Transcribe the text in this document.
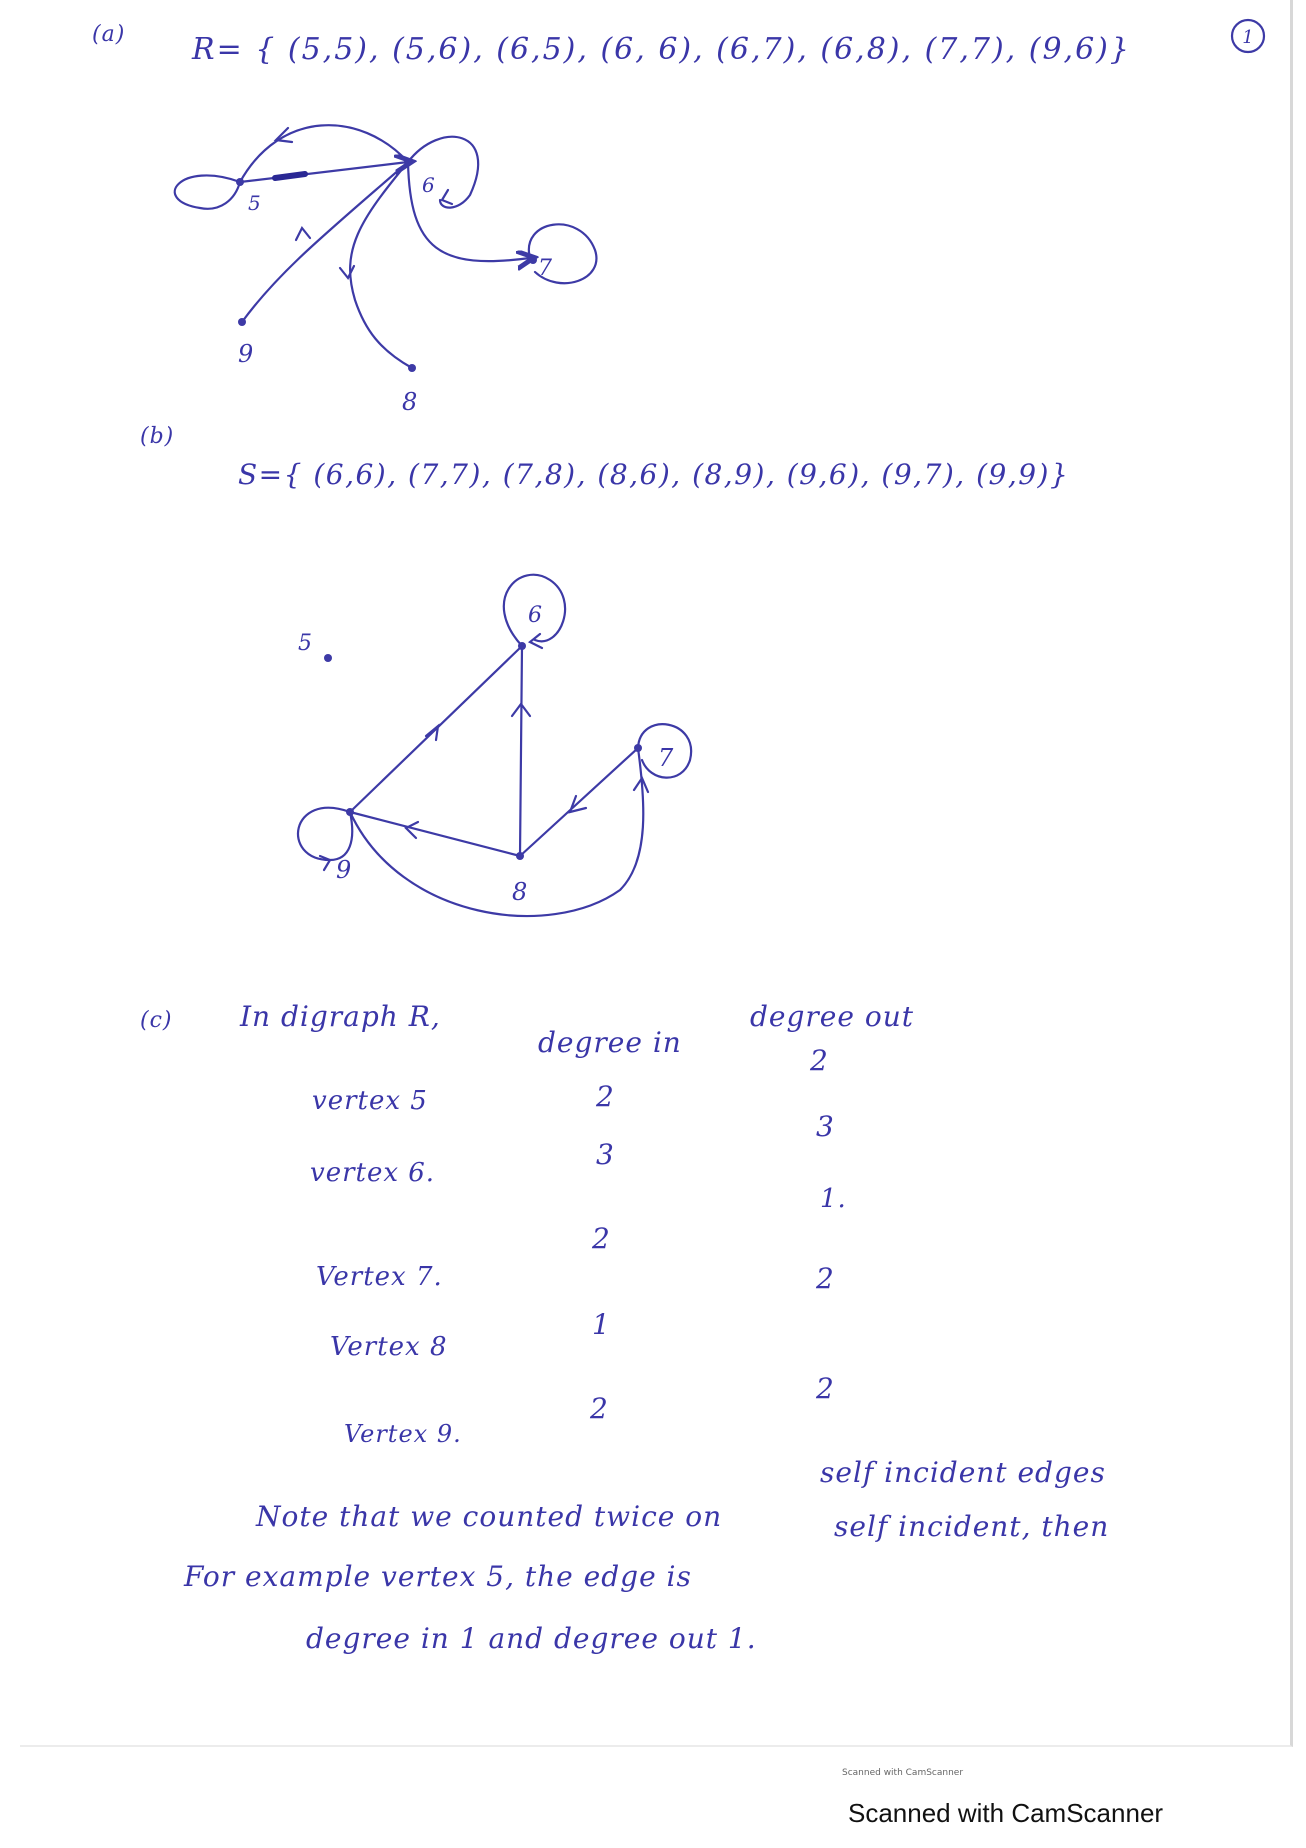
1
(a) R= { (5,5), (5,6), (6,5), (6, 6), (6,7), (6,8), (7,7), (9,6)}
5
6
7
8
9
(b)
S={ (6,6), (7,7), (7,8), (8,6), (8,9), (9,6), (9,7), (9,9)}
5
6
7
8
9
(c) In digraph R,
degree in
degree out
vertex 5	2
2
vertex 6.
3
3
Vertex 7.
2
1.
Vertex 8
1
2
Vertex 9.
2
2
self incident edges
Note that we counted twice on	self incident, then
For example vertex 5, the edge is
degree in 1 and degree out 1.
Scanned with CamScanner
Scanned with CamScanner
